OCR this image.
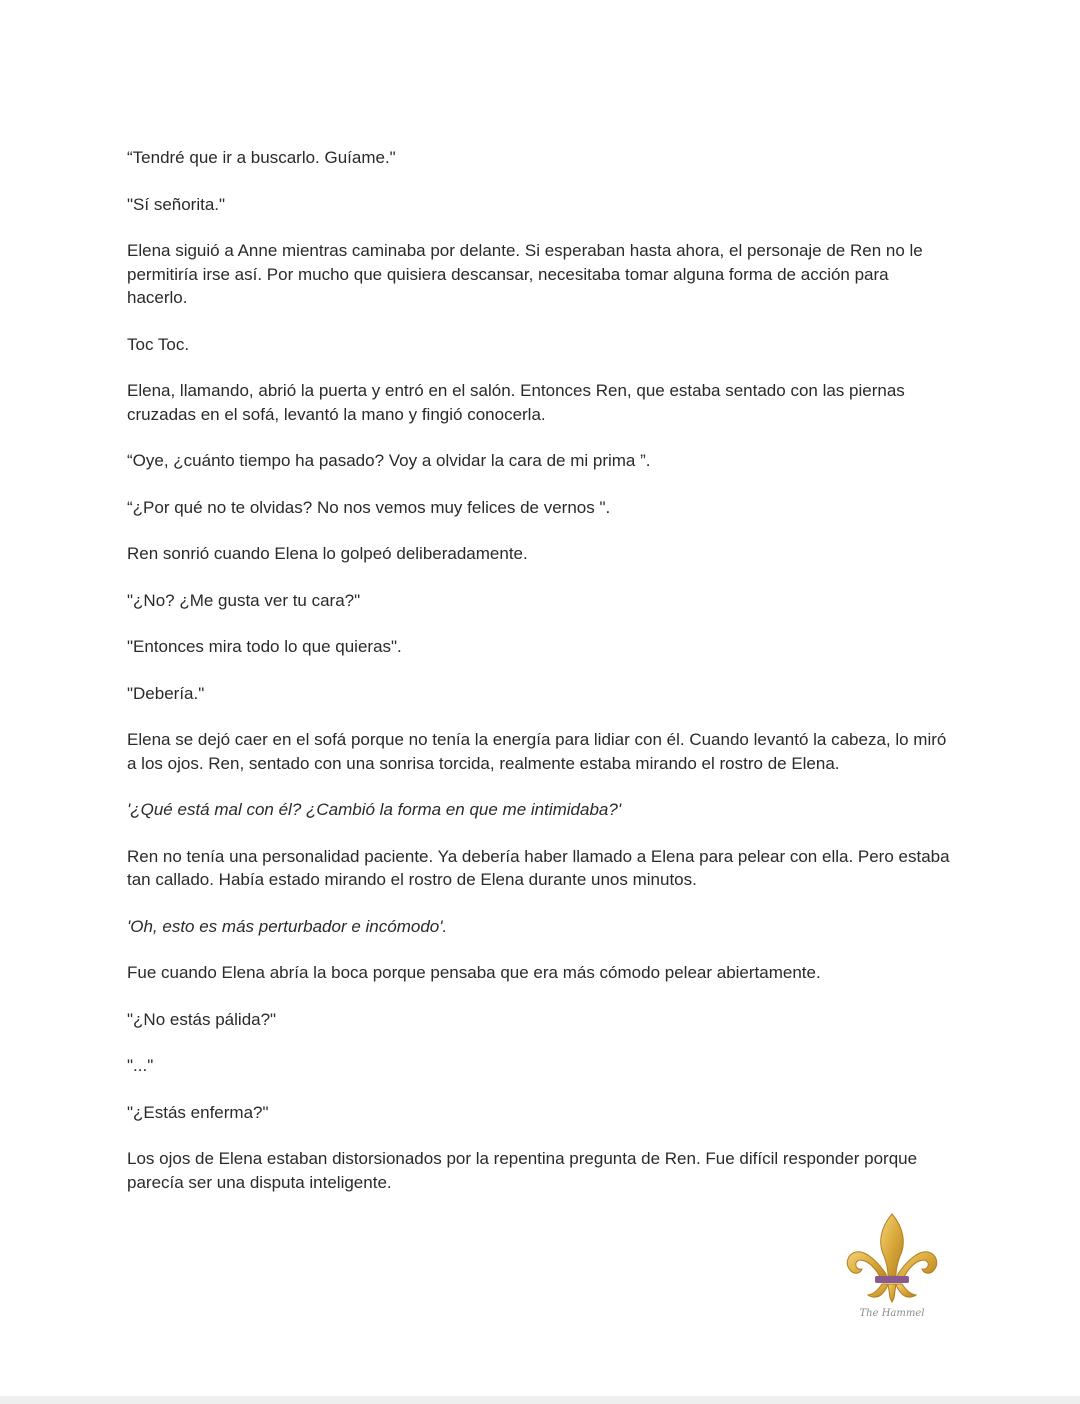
“Tendré que ir a buscarlo. Guíame."

"Sí señorita."

Elena siguió a Anne mientras caminaba por delante. Si esperaban hasta ahora, el personaje de Ren no le permitiría irse así. Por mucho que quisiera descansar, necesitaba tomar alguna forma de acción para hacerlo.

Toc Toc.

Elena, llamando, abrió la puerta y entró en el salón. Entonces Ren, que estaba sentado con las piernas cruzadas en el sofá, levantó la mano y fingió conocerla.

“Oye, ¿cuánto tiempo ha pasado? Voy a olvidar la cara de mi prima ”.

“¿Por qué no te olvidas? No nos vemos muy felices de vernos ".

Ren sonrió cuando Elena lo golpeó deliberadamente.

"¿No? ¿Me gusta ver tu cara?"

"Entonces mira todo lo que quieras".

"Debería."

Elena se dejó caer en el sofá porque no tenía la energía para lidiar con él. Cuando levantó la cabeza, lo miró a los ojos. Ren, sentado con una sonrisa torcida, realmente estaba mirando el rostro de Elena.

'¿Qué está mal con él? ¿Cambió la forma en que me intimidaba?'

Ren no tenía una personalidad paciente. Ya debería haber llamado a Elena para pelear con ella. Pero estaba tan callado. Había estado mirando el rostro de Elena durante unos minutos.

'Oh, esto es más perturbador e incómodo'.

Fue cuando Elena abría la boca porque pensaba que era más cómodo pelear abiertamente.

"¿No estás pálida?"

"..."

"¿Estás enferma?"

Los ojos de Elena estaban distorsionados por la repentina pregunta de Ren. Fue difícil responder porque parecía ser una disputa inteligente.

The Hammel
